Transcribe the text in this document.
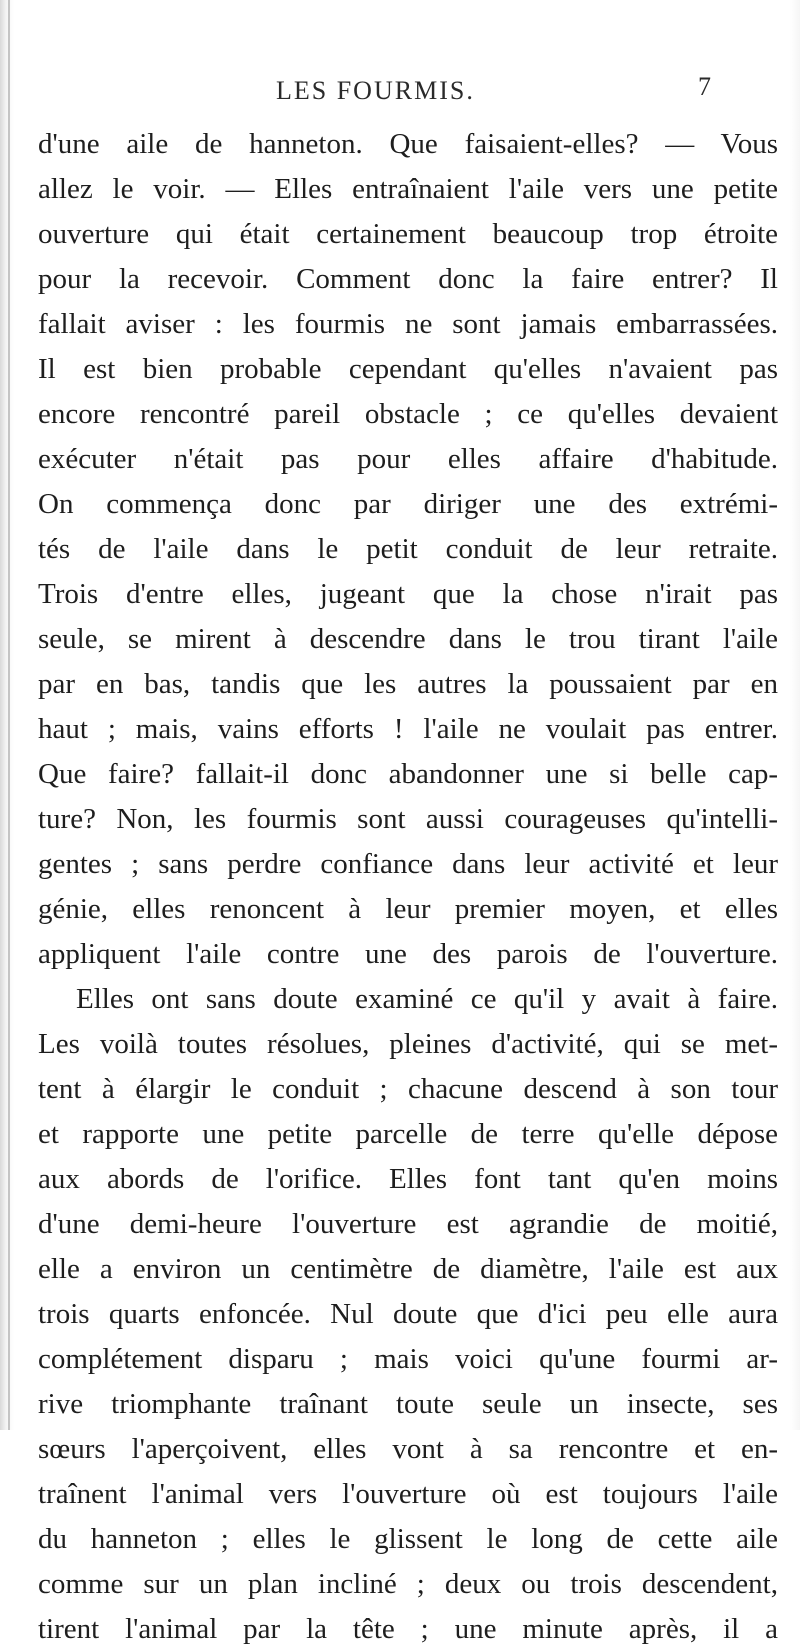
LES FOURMIS.	7
d'une aile de hanneton. Que faisaient-elles? — Vous
allez le voir. — Elles entraînaient l'aile vers une petite
ouverture qui était certainement beaucoup trop étroite
pour la recevoir. Comment donc la faire entrer? Il
fallait aviser : les fourmis ne sont jamais embarrassées.
Il est bien probable cependant qu'elles n'avaient pas
encore rencontré pareil obstacle ; ce qu'elles devaient
exécuter n'était pas pour elles affaire d'habitude.
On commença donc par diriger une des extrémi-
tés de l'aile dans le petit conduit de leur retraite.
Trois d'entre elles, jugeant que la chose n'irait pas
seule, se mirent à descendre dans le trou tirant l'aile
par en bas, tandis que les autres la poussaient par en
haut ; mais, vains efforts ! l'aile ne voulait pas entrer.
Que faire? fallait-il donc abandonner une si belle cap-
ture? Non, les fourmis sont aussi courageuses qu'intelli-
gentes ; sans perdre confiance dans leur activité et leur
génie, elles renoncent à leur premier moyen, et elles
appliquent l'aile contre une des parois de l'ouverture.
Elles ont sans doute examiné ce qu'il y avait à faire.
Les voilà toutes résolues, pleines d'activité, qui se met-
tent à élargir le conduit ; chacune descend à son tour
et rapporte une petite parcelle de terre qu'elle dépose
aux abords de l'orifice. Elles font tant qu'en moins
d'une demi-heure l'ouverture est agrandie de moitié,
elle a environ un centimètre de diamètre, l'aile est aux
trois quarts enfoncée. Nul doute que d'ici peu elle aura
complétement disparu ; mais voici qu'une fourmi ar-
rive triomphante traînant toute seule un insecte, ses
sœurs l'aperçoivent, elles vont à sa rencontre et en-
traînent l'animal vers l'ouverture où est toujours l'aile
du hanneton ; elles le glissent le long de cette aile
comme sur un plan incliné ; deux ou trois descendent,
tirent l'animal par la tête ; une minute après, il a
